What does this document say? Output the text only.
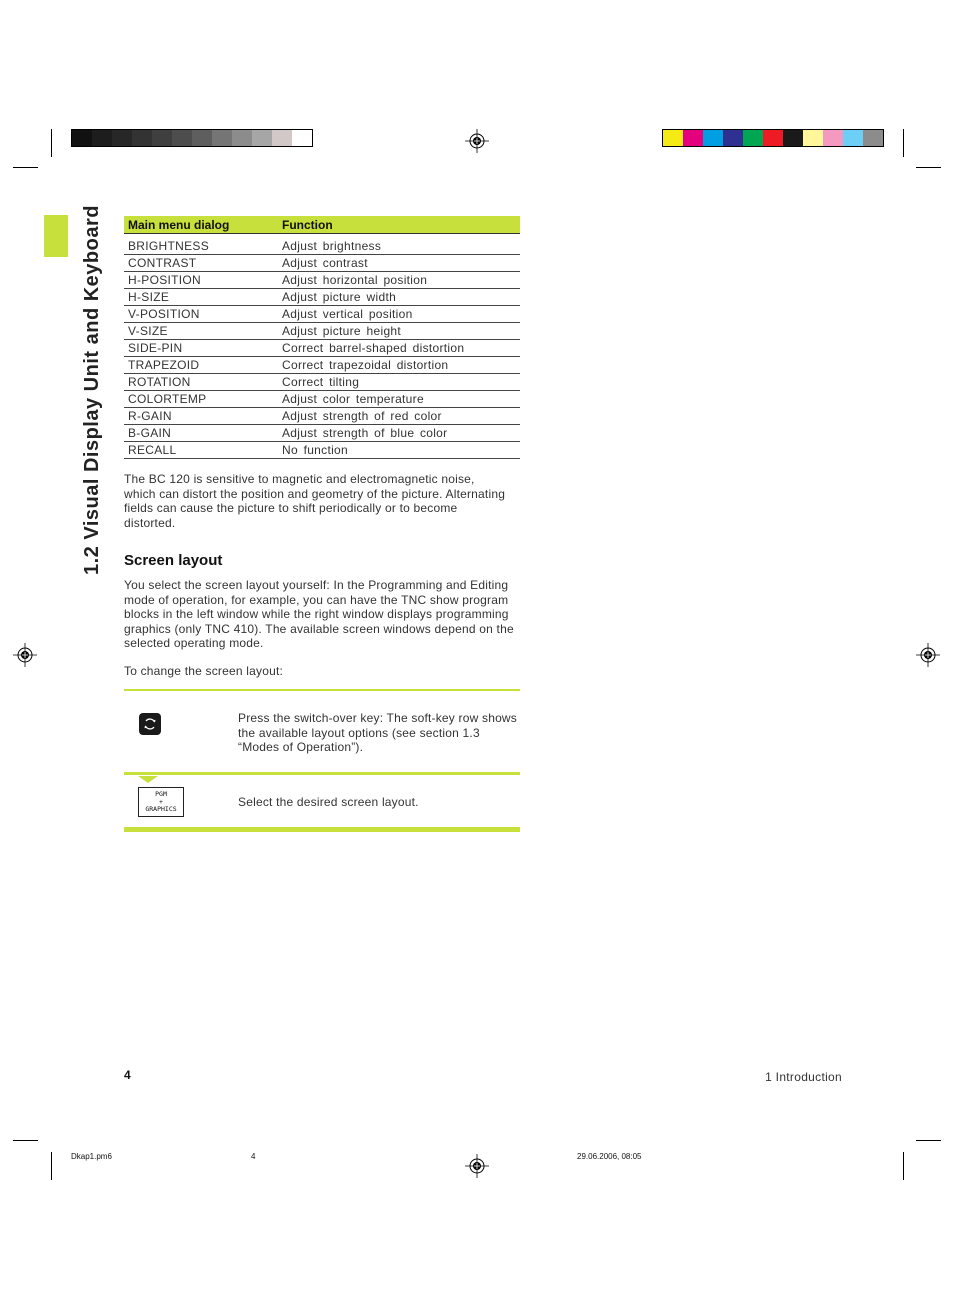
1.2 Visual Display Unit and Keyboard	Main menu dialog	Function
BRIGHTNESS	Adjust brightness
CONTRAST	Adjust contrast
H-POSITION	Adjust horizontal position
H-SIZE	Adjust picture width
V-POSITION	Adjust vertical position
V-SIZE	Adjust picture height
SIDE-PIN	Correct barrel-shaped distortion
TRAPEZOID	Correct trapezoidal distortion
ROTATION	Correct tilting
COLORTEMP	Adjust color temperature
R-GAIN	Adjust strength of red color
B-GAIN	Adjust strength of blue color
RECALL	No function
The BC 120 is sensitive to magnetic and electromagnetic noise, which can distort the position and geometry of the picture. Alternating fields can cause the picture to shift periodically or to become distorted.
Screen layout
You select the screen layout yourself: In the Programming and Editing mode of operation, for example, you can have the TNC show program blocks in the left window while the right window displays programming graphics (only TNC 410). The available screen windows depend on the selected operating mode.
To change the screen layout:
Press the switch-over key: The soft-key row shows the available layout options (see section 1.3 “Modes of Operation”).
PGM
+
GRAPHICS	Select the desired screen layout.
4	1 Introduction
Dkap1.pm6	4	29.06.2006, 08:05
